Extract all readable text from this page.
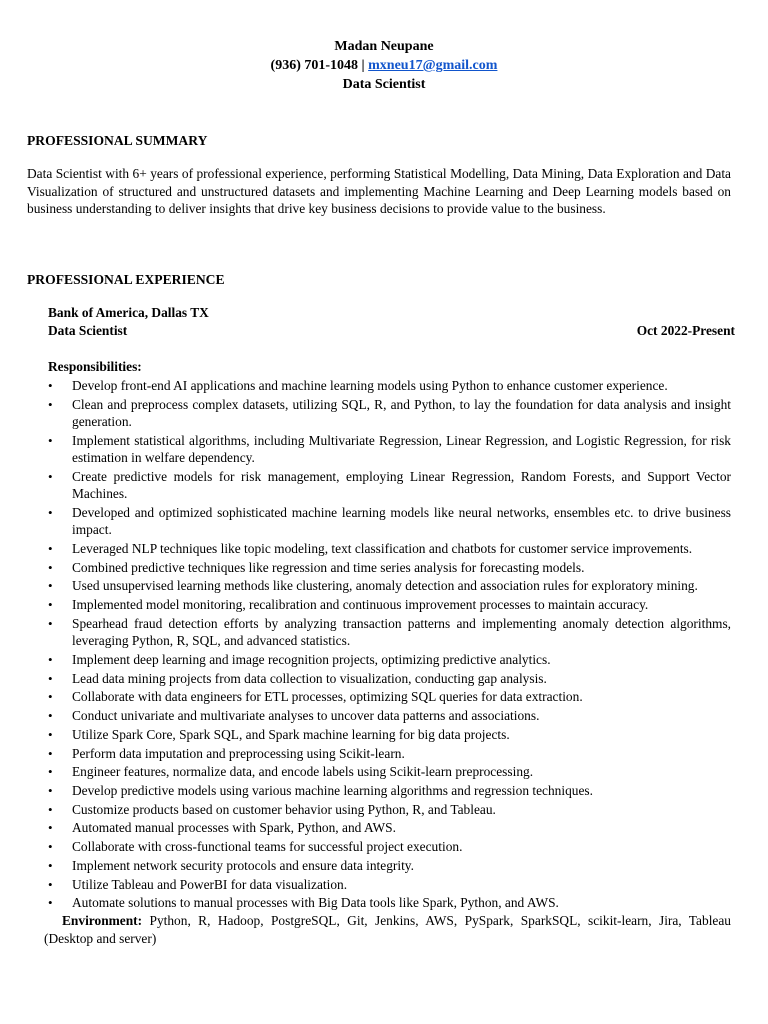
Madan Neupane
(936) 701-1048 | mxneu17@gmail.com
Data Scientist
PROFESSIONAL SUMMARY
Data Scientist with 6+ years of professional experience, performing Statistical Modelling, Data Mining, Data Exploration and Data Visualization of structured and unstructured datasets and implementing Machine Learning and Deep Learning models based on business understanding to deliver insights that drive key business decisions to provide value to the business.
PROFESSIONAL EXPERIENCE
Bank of America, Dallas TX
Data Scientist	Oct 2022-Present
Responsibilities:
• Develop front-end AI applications and machine learning models using Python to enhance customer experience.
• Clean and preprocess complex datasets, utilizing SQL, R, and Python, to lay the foundation for data analysis and insight generation.
• Implement statistical algorithms, including Multivariate Regression, Linear Regression, and Logistic Regression, for risk estimation in welfare dependency.
• Create predictive models for risk management, employing Linear Regression, Random Forests, and Support Vector Machines.
• Developed and optimized sophisticated machine learning models like neural networks, ensembles etc. to drive business impact.
• Leveraged NLP techniques like topic modeling, text classification and chatbots for customer service improvements.
• Combined predictive techniques like regression and time series analysis for forecasting models.
• Used unsupervised learning methods like clustering, anomaly detection and association rules for exploratory mining.
• Implemented model monitoring, recalibration and continuous improvement processes to maintain accuracy.
• Spearhead fraud detection efforts by analyzing transaction patterns and implementing anomaly detection algorithms, leveraging Python, R, SQL, and advanced statistics.
• Implement deep learning and image recognition projects, optimizing predictive analytics.
• Lead data mining projects from data collection to visualization, conducting gap analysis.
• Collaborate with data engineers for ETL processes, optimizing SQL queries for data extraction.
• Conduct univariate and multivariate analyses to uncover data patterns and associations.
• Utilize Spark Core, Spark SQL, and Spark machine learning for big data projects.
• Perform data imputation and preprocessing using Scikit-learn.
• Engineer features, normalize data, and encode labels using Scikit-learn preprocessing.
• Develop predictive models using various machine learning algorithms and regression techniques.
• Customize products based on customer behavior using Python, R, and Tableau.
• Automated manual processes with Spark, Python, and AWS.
• Collaborate with cross-functional teams for successful project execution.
• Implement network security protocols and ensure data integrity.
• Utilize Tableau and PowerBI for data visualization.
• Automate solutions to manual processes with Big Data tools like Spark, Python, and AWS.
Environment: Python, R, Hadoop, PostgreSQL, Git, Jenkins, AWS, PySpark, SparkSQL, scikit-learn, Jira, Tableau (Desktop and server)
